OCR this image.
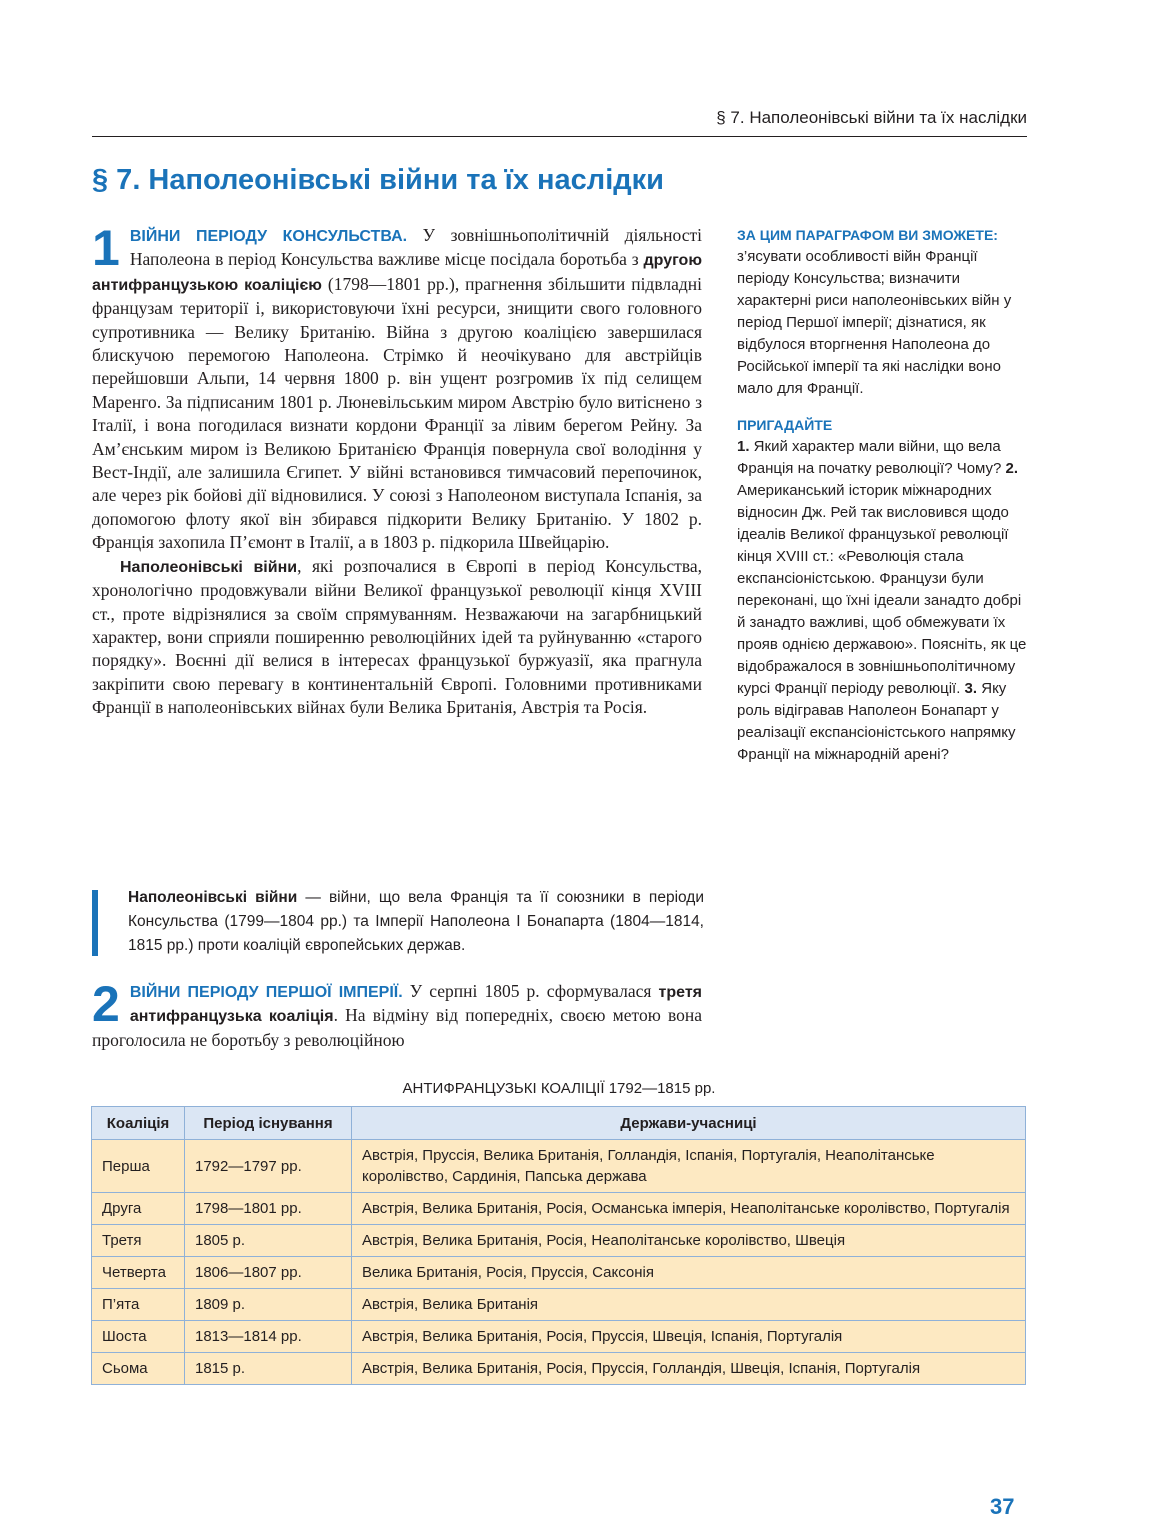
§ 7. Наполеонівські війни та їх наслідки
§ 7. Наполеонівські війни та їх наслідки

1 ВІЙНИ ПЕРІОДУ КОНСУЛЬСТВА. У зовнішньополітичній діяльності Наполеона в період Консульства важливе місце посідала боротьба з другою антифранцузькою коаліцією (1798—1801 рр.), прагнення збільшити підвладні французам території і, використовуючи їхні ресурси, знищити свого головного супротивника — Велику Британію. Війна з другою коаліцією завершилася блискучою перемогою Наполеона. Стрімко й неочікувано для австрійців перейшовши Альпи, 14 червня 1800 р. він ущент розгромив їх під селищем Маренго. За підписаним 1801 р. Люневільським миром Австрію було витіснено з Італії, і вона погодилася визнати кордони Франції за лівим берегом Рейну. За Ам’єнським миром із Великою Британією Франція повернула свої володіння у Вест-Індії, але залишила Єгипет. У війні встановився тимчасовий перепочинок, але через рік бойові дії відновилися. У союзі з Наполеоном виступала Іспанія, за допомогою флоту якої він збирався підкорити Велику Британію. У 1802 р. Франція захопила П’ємонт в Італії, а в 1803 р. підкорила Швейцарію.

Наполеонівські війни, які розпочалися в Європі в період Консульства, хронологічно продовжували війни Великої французької революції кінця XVIII ст., проте відрізнялися за своїм спрямуванням. Незважаючи на загарбницький характер, вони сприяли поширенню революційних ідей та руйнуванню «старого порядку». Воєнні дії велися в інтересах французької буржуазії, яка прагнула закріпити свою перевагу в континентальній Європі. Головними противниками Франції в наполеонівських війнах були Велика Британія, Австрія та Росія.

Наполеонівські війни — війни, що вела Франція та її союзники в періоди Консульства (1799—1804 рр.) та Імперії Наполеона I Бонапарта (1804—1814, 1815 рр.) проти коаліцій європейських держав.

2 ВІЙНИ ПЕРІОДУ ПЕРШОЇ ІМПЕРІЇ. У серпні 1805 р. сформувалася третя антифранцузька коаліція. На відміну від попередніх, своєю метою вона проголосила не боротьбу з революційною

ЗА ЦИМ ПАРАГРАФОМ ВИ ЗМОЖЕТЕ:

з’ясувати особливості війн Франції періоду Консульства; визначити характерні риси наполеонівських війн у період Першої імперії; дізнатися, як відбулося вторгнення Наполеона до Російської імперії та які наслідки воно мало для Франції.

ПРИГАДАЙТЕ

1. Який характер мали війни, що вела Франція на початку революції? Чому? 2. Американський історик міжнародних відносин Дж. Рей так висловився щодо ідеалів Великої французької революції кінця XVIII ст.: «Революція стала експансіоністською. Французи були переконані, що їхні ідеали занадто добрі й занадто важливі, щоб обмежувати їх прояв однією державою». Поясніть, як це відображалося в зовнішньополітичному курсі Франції періоду революції. 3. Яку роль відігравав Наполеон Бонапарт у реалізації експансіоністського напрямку Франції на міжнародній арені?

АНТИФРАНЦУЗЬКІ КОАЛІЦІЇ 1792—1815 рр.
Коаліція	Період існування	Держави-учасниці
Перша	1792—1797 рр.	Австрія, Пруссія, Велика Британія, Голландія, Іспанія, Португалія, Неаполітанське королівство, Сардинія, Папська держава
Друга	1798—1801 рр.	Австрія, Велика Британія, Росія, Османська імперія, Неаполітанське королівство, Португалія
Третя	1805 р.	Австрія, Велика Британія, Росія, Неаполітанське королівство, Швеція
Четверта	1806—1807 рр.	Велика Британія, Росія, Пруссія, Саксонія
П’ята	1809 р.	Австрія, Велика Британія
Шоста	1813—1814 рр.	Австрія, Велика Британія, Росія, Пруссія, Швеція, Іспанія, Португалія
Сьома	1815 р.	Австрія, Велика Британія, Росія, Пруссія, Голландія, Швеція, Іспанія, Португалія
37
